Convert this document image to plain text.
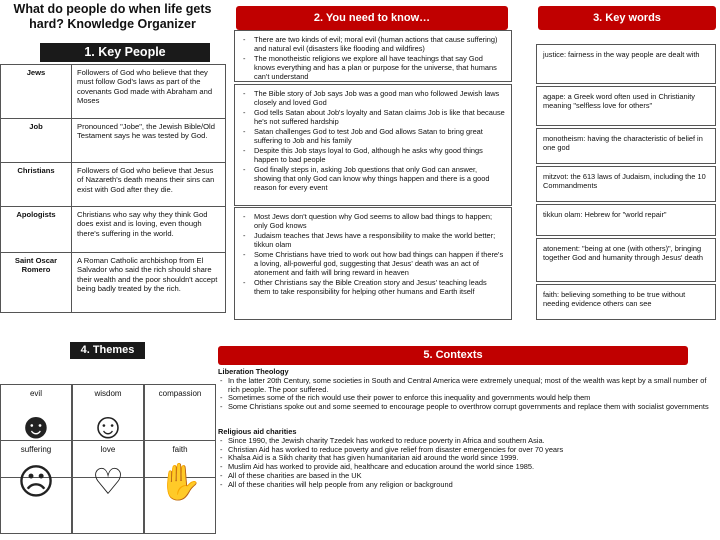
What do people do when life gets hard? Knowledge Organizer
1. Key People
Jews	Followers of God who believe that they must follow God's laws as part of the covenants God made with Abraham and Moses
Job	Pronounced "Jobe", the Jewish Bible/Old Testament says he was tested by God.
Christians	Followers of God who believe that Jesus of Nazareth's death means their sins can exist with God after they die.
Apologists	Christians who say why they think God does exist and is loving, even though there's suffering in the world.
Saint Oscar Romero	A Roman Catholic archbishop from El Salvador who said the rich should share their wealth and the poor shouldn't accept being badly treated by the rich.
2. You need to know…
- There are two kinds of evil; moral evil (human actions that cause suffering) and natural evil (disasters like flooding and wildfires)
- The monotheistic religions we explore all have teachings that say God knows everything and has a plan or purpose for the universe, that humans can't understand
- The Bible story of Job says Job was a good man who followed Jewish laws closely and loved God
- God tells Satan about Job's loyalty and Satan claims Job is like that because he's not suffered hardship
- Satan challenges God to test Job and God allows Satan to bring great suffering to Job and his family
- Despite this Job stays loyal to God, although he asks why good things happen to bad people
- God finally steps in, asking Job questions that only God can answer, showing that only God can know why things happen and there is a good reason for every event
- Most Jews don't question why God seems to allow bad things to happen; only God knows
- Judaism teaches that Jews have a responsibility to make the world better; tikkun olam
- Some Christians have tried to work out how bad things can happen if there's a loving, all-powerful god, suggesting that Jesus' death was an act of atonement and faith will bring reward in heaven
- Other Christians say the Bible Creation story and Jesus' teaching leads them to take responsibility for helping other humans and Earth itself
3. Key words
justice: fairness in the way people are dealt with
agape: a Greek word often used in Christianity meaning "selfless love for others"
monotheism: having the characteristic of belief in one god
mitzvot: the 613 laws of Judaism, including the 10 Commandments
tikkun olam: Hebrew for "world repair"
atonement: "being at one (with others)", bringing together God and humanity through Jesus' death
faith: believing something to be true without needing evidence others can see
4. Themes
evil
☻
wisdom
☺
compassion
suffering
☹
love
♡
faith
✋
5. Contexts
Liberation Theology
- In the latter 20th Century, some societies in South and Central America were extremely unequal; most of the wealth was kept by a small number of rich people. The poor suffered.
- Sometimes some of the rich would use their power to enforce this inequality and governments would help them
- Some Christians spoke out and some seemed to encourage people to overthrow corrupt governments and replace them with socialist governments
Religious aid charities
- Since 1990, the Jewish charity Tzedek has worked to reduce poverty in Africa and southern Asia.
- Christian Aid has worked to reduce poverty and give relief from disaster emergencies for over 70 years
- Khalsa Aid is a Sikh charity that has given humanitarian aid around the world since 1999.
- Muslim Aid has worked to provide aid, healthcare and education around the world since 1985.
- All of these charities are based in the UK
- All of these charities will help people from any religion or background
